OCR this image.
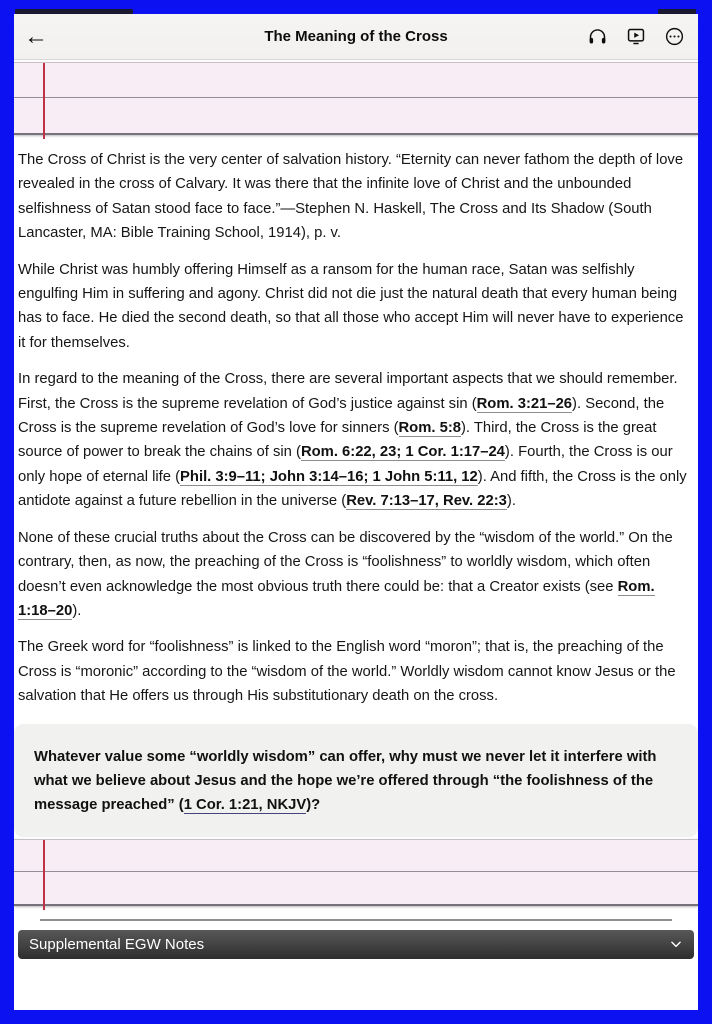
←	The Meaning of the Cross

The Cross of Christ is the very center of salvation history. “Eternity can never fathom the depth of love revealed in the cross of Calvary. It was there that the infinite love of Christ and the unbounded selfishness of Satan stood face to face.”—Stephen N. Haskell, The Cross and Its Shadow (South Lancaster, MA: Bible Training School, 1914), p. v.

While Christ was humbly offering Himself as a ransom for the human race, Satan was selfishly engulfing Him in suffering and agony. Christ did not die just the natural death that every human being has to face. He died the second death, so that all those who accept Him will never have to experience it for themselves.

In regard to the meaning of the Cross, there are several important aspects that we should remember. First, the Cross is the supreme revelation of God’s justice against sin (Rom. 3:21–26). Second, the Cross is the supreme revelation of God’s love for sinners (Rom. 5:8). Third, the Cross is the great source of power to break the chains of sin (Rom. 6:22, 23; 1 Cor. 1:17–24). Fourth, the Cross is our only hope of eternal life (Phil. 3:9–11; John 3:14–16; 1 John 5:11, 12). And fifth, the Cross is the only antidote against a future rebellion in the universe (Rev. 7:13–17, Rev. 22:3).

None of these crucial truths about the Cross can be discovered by the “wisdom of the world.” On the contrary, then, as now, the preaching of the Cross is “foolishness” to worldly wisdom, which often doesn’t even acknowledge the most obvious truth there could be: that a Creator exists (see Rom. 1:18–20).

The Greek word for “foolishness” is linked to the English word “moron”; that is, the preaching of the Cross is “moronic” according to the “wisdom of the world.” Worldly wisdom cannot know Jesus or the salvation that He offers us through His substitutionary death on the cross.

Whatever value some “worldly wisdom” can offer, why must we never let it interfere with what we believe about Jesus and the hope we’re offered through “the foolishness of the message preached” (1 Cor. 1:21, NKJV)?
Supplemental EGW Notes
